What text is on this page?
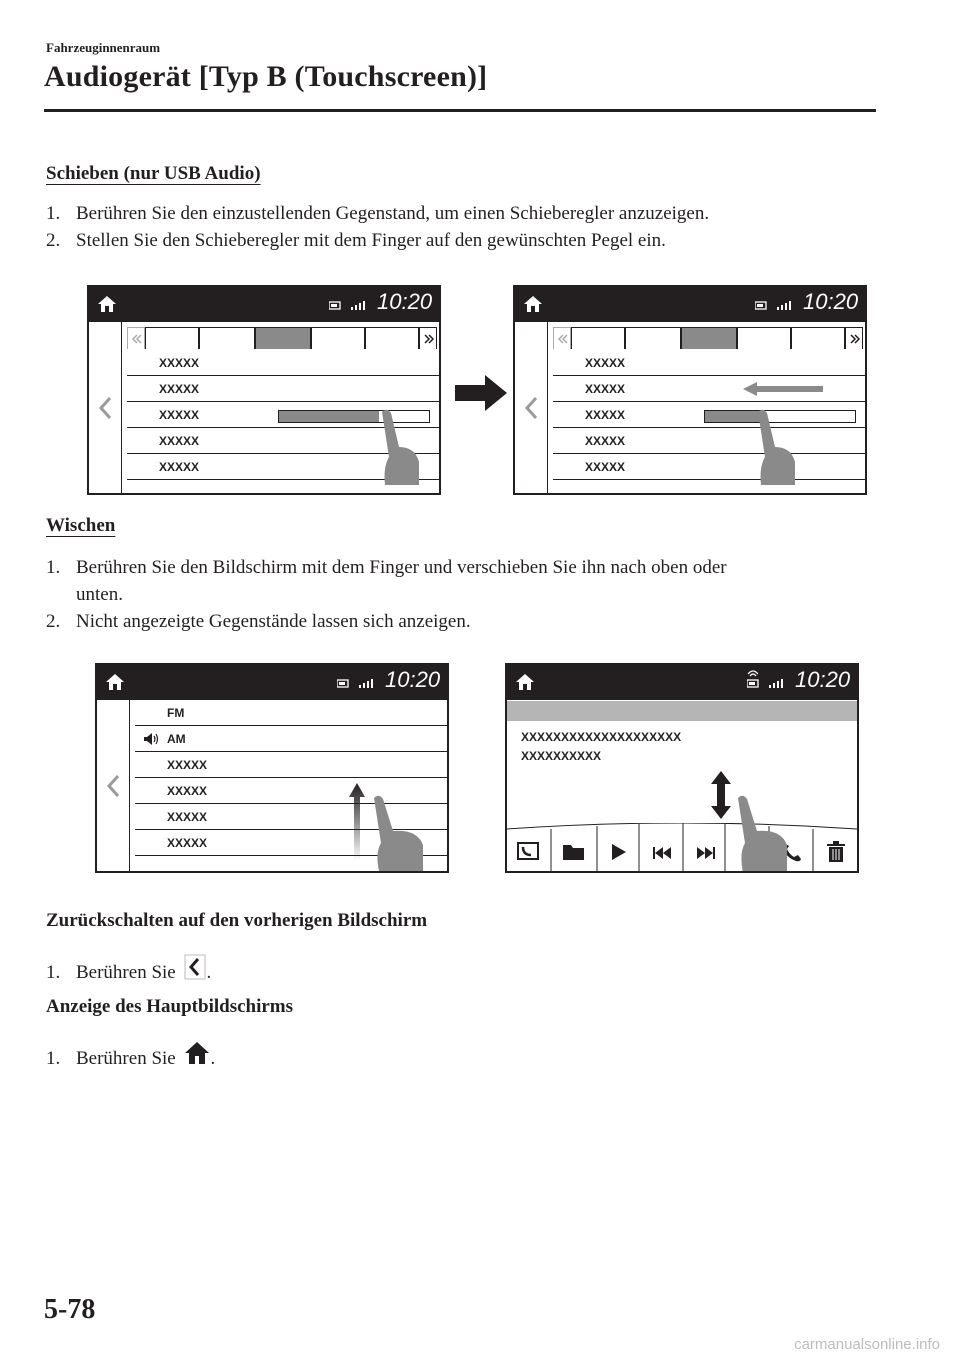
Fahrzeuginnenraum
Audiogerät [Typ B (Touchscreen)]
Schieben (nur USB Audio)
1. Berühren Sie den einzustellenden Gegenstand, um einen Schieberegler anzuzeigen.
2. Stellen Sie den Schieberegler mit dem Finger auf den gewünschten Pegel ein.
10:20
XXXXX
XXXXX
XXXXX
XXXXX
XXXXX
10:20
XXXXX
XXXXX
XXXXX
XXXXX
XXXXX
Wischen
1. Berühren Sie den Bildschirm mit dem Finger und verschieben Sie ihn nach oben oder
unten.
2. Nicht angezeigte Gegenstände lassen sich anzeigen.
10:20
FM
AM
XXXXX
XXXXX
XXXXX
XXXXX
10:20
XXXXXXXXXXXXXXXXXXXX
XXXXXXXXXX
Zurückschalten auf den vorherigen Bildschirm
1. Berühren Sie .
Anzeige des Hauptbildschirms
1. Berühren Sie .
5-78
carmanualsonline.info
